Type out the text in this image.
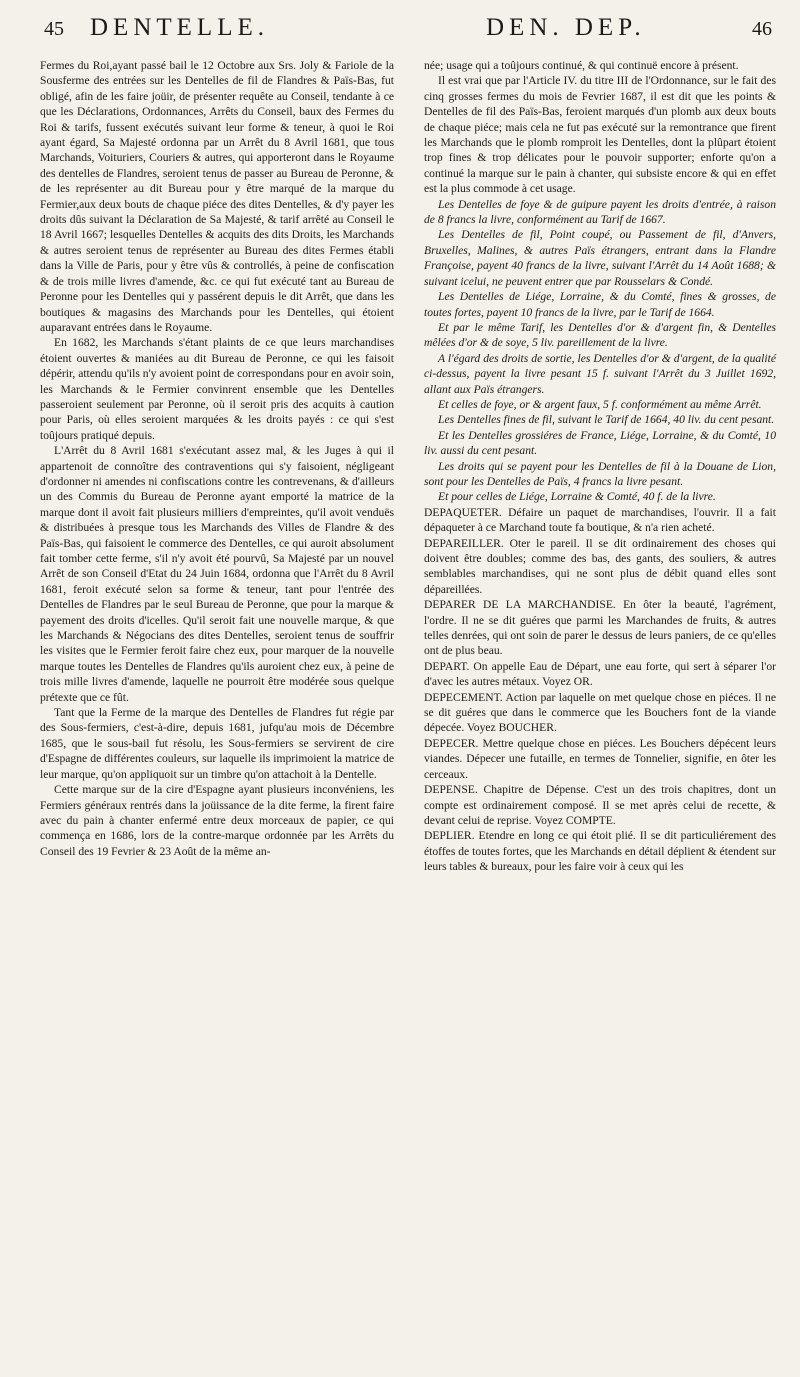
45 DENTELLE.	DEN. DEP.	46

Fermes du Roi,ayant passé bail le 12 Octobre aux Srs. Joly & Fariole de la Sousferme des entrées sur les Dentelles de fil de Flandres & Païs-Bas, fut obligé, afin de les faire joüir, de présenter requête au Conseil, tendante à ce que les Déclarations, Ordonnances, Arrêts du Conseil, baux des Fermes du Roi & tarifs, fussent exécutés suivant leur forme & teneur, à quoi le Roi ayant égard, Sa Majesté ordonna par un Arrêt du 8 Avril 1681, que tous Marchands, Voituriers, Couriers & autres, qui apporteront dans le Royaume des dentelles de Flandres, seroient tenus de passer au Bureau de Peronne, & de les représenter au dit Bureau pour y être marqué de la marque du Fermier,aux deux bouts de chaque piéce des dites Dentelles, & d'y payer les droits dûs suivant la Déclaration de Sa Majesté, & tarif arrêté au Conseil le 18 Avril 1667; lesquelles Dentelles & acquits des dits Droits, les Marchands & autres seroient tenus de représenter au Bureau des dites Fermes établi dans la Ville de Paris, pour y être vûs & controllés, à peine de confiscation & de trois mille livres d'amende, &c. ce qui fut exécuté tant au Bureau de Peronne pour les Dentelles qui y passérent depuis le dit Arrêt, que dans les boutiques & magasins des Marchands pour les Dentelles, qui étoient auparavant entrées dans le Royaume.

En 1682, les Marchands s'étant plaints de ce que leurs marchandises étoient ouvertes & maniées au dit Bureau de Peronne, ce qui les faisoit dépérir, attendu qu'ils n'y avoient point de correspondans pour en avoir soin, les Marchands & le Fermier convinrent ensemble que les Dentelles passeroient seulement par Peronne, où il seroit pris des acquits à caution pour Paris, où elles seroient marquées & les droits payés : ce qui s'est toûjours pratiqué depuis.

L'Arrêt du 8 Avril 1681 s'exécutant assez mal, & les Juges à qui il appartenoit de connoître des contraventions qui s'y faisoient, négligeant d'ordonner ni amendes ni confiscations contre les contrevenans, & d'ailleurs un des Commis du Bureau de Peronne ayant emporté la matrice de la marque dont il avoit fait plusieurs milliers d'empreintes, qu'il avoit venduës & distribuées à presque tous les Marchands des Villes de Flandre & des Païs-Bas, qui faisoient le commerce des Dentelles, ce qui auroit absolument fait tomber cette ferme, s'il n'y avoit été pourvû, Sa Majesté par un nouvel Arrêt de son Conseil d'Etat du 24 Juin 1684, ordonna que l'Arrêt du 8 Avril 1681, feroit exécuté selon sa forme & teneur, tant pour l'entrée des Dentelles de Flandres par le seul Bureau de Peronne, que pour la marque & payement des droits d'icelles. Qu'il seroit fait une nouvelle marque, & que les Marchands & Négocians des dites Dentelles, seroient tenus de souffrir les visites que le Fermier feroit faire chez eux, pour marquer de la nouvelle marque toutes les Dentelles de Flandres qu'ils auroient chez eux, à peine de trois mille livres d'amende, laquelle ne pourroit être modérée sous quelque prétexte que ce fût.

Tant que la Ferme de la marque des Dentelles de Flandres fut régie par des Sous-fermiers, c'est-à-dire, depuis 1681, jufqu'au mois de Décembre 1685, que le sous-bail fut résolu, les Sous-fermiers se servirent de cire d'Espagne de différentes couleurs, sur laquelle ils imprimoient la matrice de leur marque, qu'on appliquoit sur un timbre qu'on attachoit à la Dentelle.

Cette marque sur de la cire d'Espagne ayant plusieurs inconvéniens, les Fermiers généraux rentrés dans la joüissance de la dite ferme, la firent faire avec du pain à chanter enfermé entre deux morceaux de papier, ce qui commença en 1686, lors de la contre-marque ordonnée par les Arrêts du Conseil des 19 Fevrier & 23 Août de la même an-

née; usage qui a toûjours continué, & qui continuë encore à présent.

Il est vrai que par l'Article IV. du titre III de l'Ordonnance, sur le fait des cinq grosses fermes du mois de Fevrier 1687, il est dit que les points & Dentelles de fil des Païs-Bas, feroient marqués d'un plomb aux deux bouts de chaque piéce; mais cela ne fut pas exécuté sur la remontrance que firent les Marchands que le plomb romproit les Dentelles, dont la plûpart étoient trop fines & trop délicates pour le pouvoir supporter; enforte qu'on a continué la marque sur le pain à chanter, qui subsiste encore & qui en effet est la plus commode à cet usage.

Les Dentelles de foye & de guipure payent les droits d'entrée, à raison de 8 francs la livre, conformément au Tarif de 1667.

Les Dentelles de fil, Point coupé, ou Passement de fil, d'Anvers, Bruxelles, Malines, & autres Païs étrangers, entrant dans la Flandre Françoise, payent 40 francs de la livre, suivant l'Arrêt du 14 Août 1688; & suivant icelui, ne peuvent entrer que par Rousselars & Condé.

Les Dentelles de Liége, Lorraine, & du Comté, fines & grosses, de toutes fortes, payent 10 francs de la livre, par le Tarif de 1664.

Et par le même Tarif, les Dentelles d'or & d'argent fin, & Dentelles mêlées d'or & de soye, 5 liv. pareillement de la livre.

A l'égard des droits de sortie, les Dentelles d'or & d'argent, de la qualité ci-dessus, payent la livre pesant 15 f. suivant l'Arrêt du 3 Juillet 1692, allant aux Païs étrangers.

Et celles de foye, or & argent faux, 5 f. conformément au même Arrêt.

Les Dentelles fines de fil, suivant le Tarif de 1664, 40 liv. du cent pesant.

Et les Dentelles grossiéres de France, Liége, Lorraine, & du Comté, 10 liv. aussi du cent pesant.

Les droits qui se payent pour les Dentelles de fil à la Douane de Lion, sont pour les Dentelles de Païs, 4 francs la livre pesant.

Et pour celles de Liége, Lorraine & Comté, 40 f. de la livre.

DEPAQUETER. Défaire un paquet de marchandises, l'ouvrir. Il a fait dépaqueter à ce Marchand toute fa boutique, & n'a rien acheté.

DEPAREILLER. Oter le pareil. Il se dit ordinairement des choses qui doivent être doubles; comme des bas, des gants, des souliers, & autres semblables marchandises, qui ne sont plus de débit quand elles sont dépareillées.

DEPARER DE LA MARCHANDISE. En ôter la beauté, l'agrément, l'ordre. Il ne se dit guéres que parmi les Marchandes de fruits, & autres telles denrées, qui ont soin de parer le dessus de leurs paniers, de ce qu'elles ont de plus beau.

DEPART. On appelle Eau de Départ, une eau forte, qui sert à séparer l'or d'avec les autres métaux. Voyez OR.

DEPECEMENT. Action par laquelle on met quelque chose en piéces. Il ne se dit guéres que dans le commerce que les Bouchers font de la viande dépecée. Voyez BOUCHER.

DEPECER. Mettre quelque chose en piéces. Les Bouchers dépécent leurs viandes. Dépecer une futaille, en termes de Tonnelier, signifie, en ôter les cerceaux.

DEPENSE. Chapitre de Dépense. C'est un des trois chapitres, dont un compte est ordinairement composé. Il se met après celui de recette, & devant celui de reprise. Voyez COMPTE.

DEPLIER. Etendre en long ce qui étoit plié. Il se dit particuliérement des étoffes de toutes fortes, que les Marchands en détail déplient & étendent sur leurs tables & bureaux, pour les faire voir à ceux qui les
